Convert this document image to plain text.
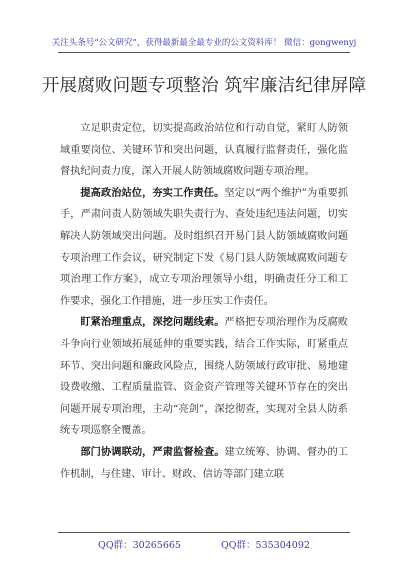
关注头条号“公文研究”，获得最新最全最专业的公文资料库！ 微信：gongwenyj
开展腐败问题专项整治 筑牢廉洁纪律屏障

立足职责定位，切实提高政治站位和行动自觉，紧盯人防领域重要岗位、关键环节和突出问题，认真履行监督责任，强化监督执纪问责力度，深入开展人防领域腐败问题专项治理。

提高政治站位，夯实工作责任。坚定以“两个维护”为重要抓手，严肃问责人防领域失职失责行为、查处违纪违法问题，切实解决人防领域突出问题。及时组织召开易门县人防领域腐败问题专项治理工作会议，研究制定下发《易门县人防领域腐败问题专项治理工作方案》，成立专项治理领导小组，明确责任分工和工作要求，强化工作措施，进一步压实工作责任。

盯紧治理重点，深挖问题线索。严格把专项治理作为反腐败斗争向行业领域拓展延伸的重要实践，结合工作实际，盯紧重点环节、突出问题和廉政风险点，围绕人防领域行政审批、易地建设费收缴、工程质量监管、资金资产管理等关键环节存在的突出问题开展专项治理，主动“亮剑”，深挖彻查，实现对全县人防系统专项巡察全覆盖。

部门协调联动，严肃监督检查。建立统筹、协调、督办的工作机制，与住建、审计、财政、信访等部门建立联

QQ群：30265665	QQ群：535304092
